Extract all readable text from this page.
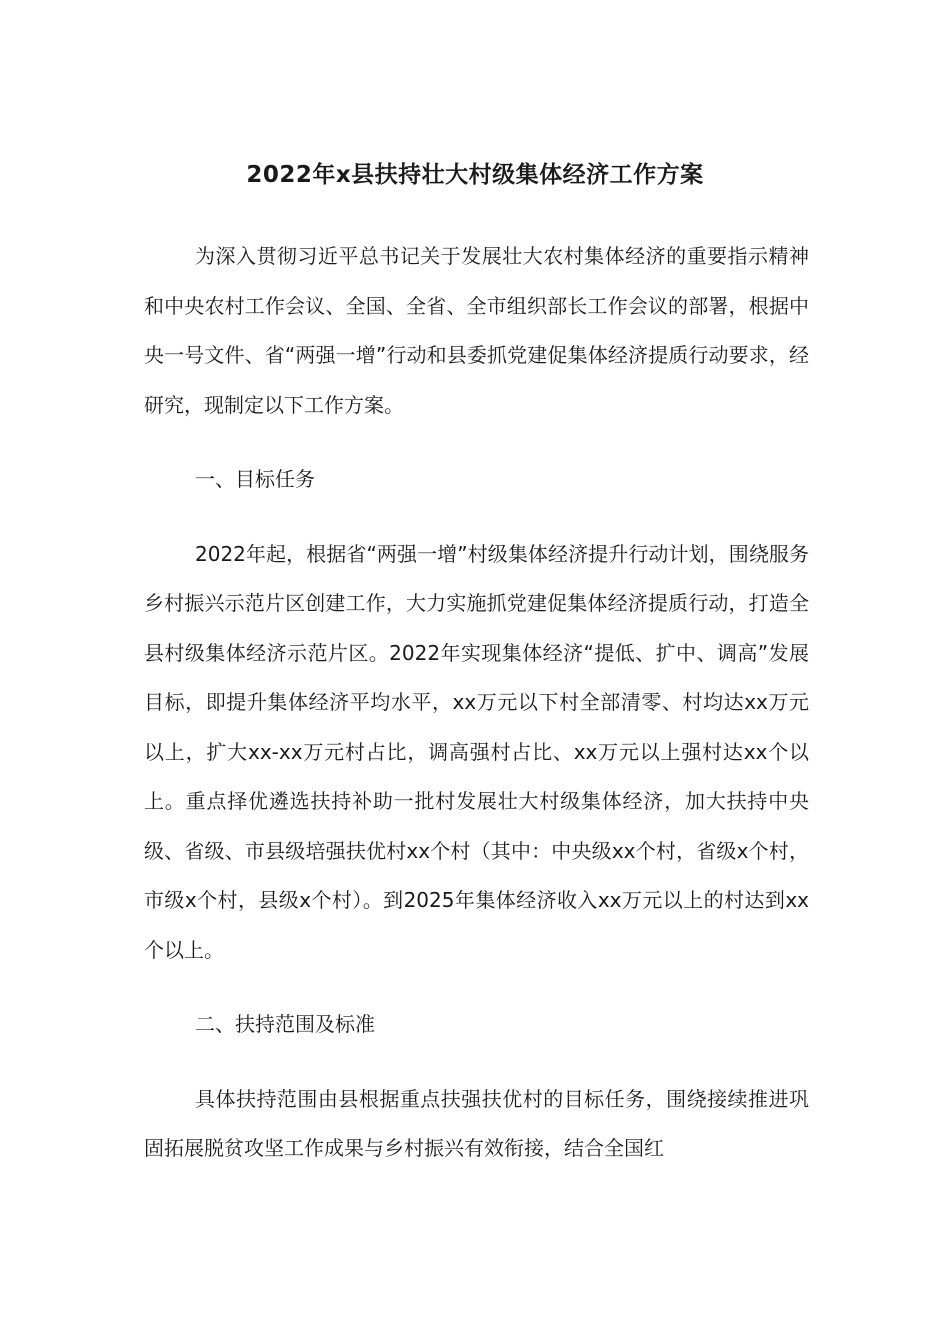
2022年x县扶持壮大村级集体经济工作方案

为深入贯彻习近平总书记关于发展壮大农村集体经济的重要指示精神和中央农村工作会议、全国、全省、全市组织部长工作会议的部署，根据中央一号文件、省“两强一增”行动和县委抓党建促集体经济提质行动要求，经研究，现制定以下工作方案。

一、目标任务

2022年起，根据省“两强一增”村级集体经济提升行动计划，围绕服务乡村振兴示范片区创建工作，大力实施抓党建促集体经济提质行动，打造全县村级集体经济示范片区。2022年实现集体经济“提低、扩中、调高”发展目标，即提升集体经济平均水平，xx万元以下村全部清零、村均达xx万元以上，扩大xx-xx万元村占比，调高强村占比、xx万元以上强村达xx个以上。重点择优遴选扶持补助一批村发展壮大村级集体经济，加大扶持中央级、省级、市县级培强扶优村xx个村（其中：中央级xx个村，省级x个村，市级x个村，县级x个村）。到2025年集体经济收入xx万元以上的村达到xx个以上。

二、扶持范围及标准

具体扶持范围由县根据重点扶强扶优村的目标任务，围绕接续推进巩固拓展脱贫攻坚工作成果与乡村振兴有效衔接，结合全国红
